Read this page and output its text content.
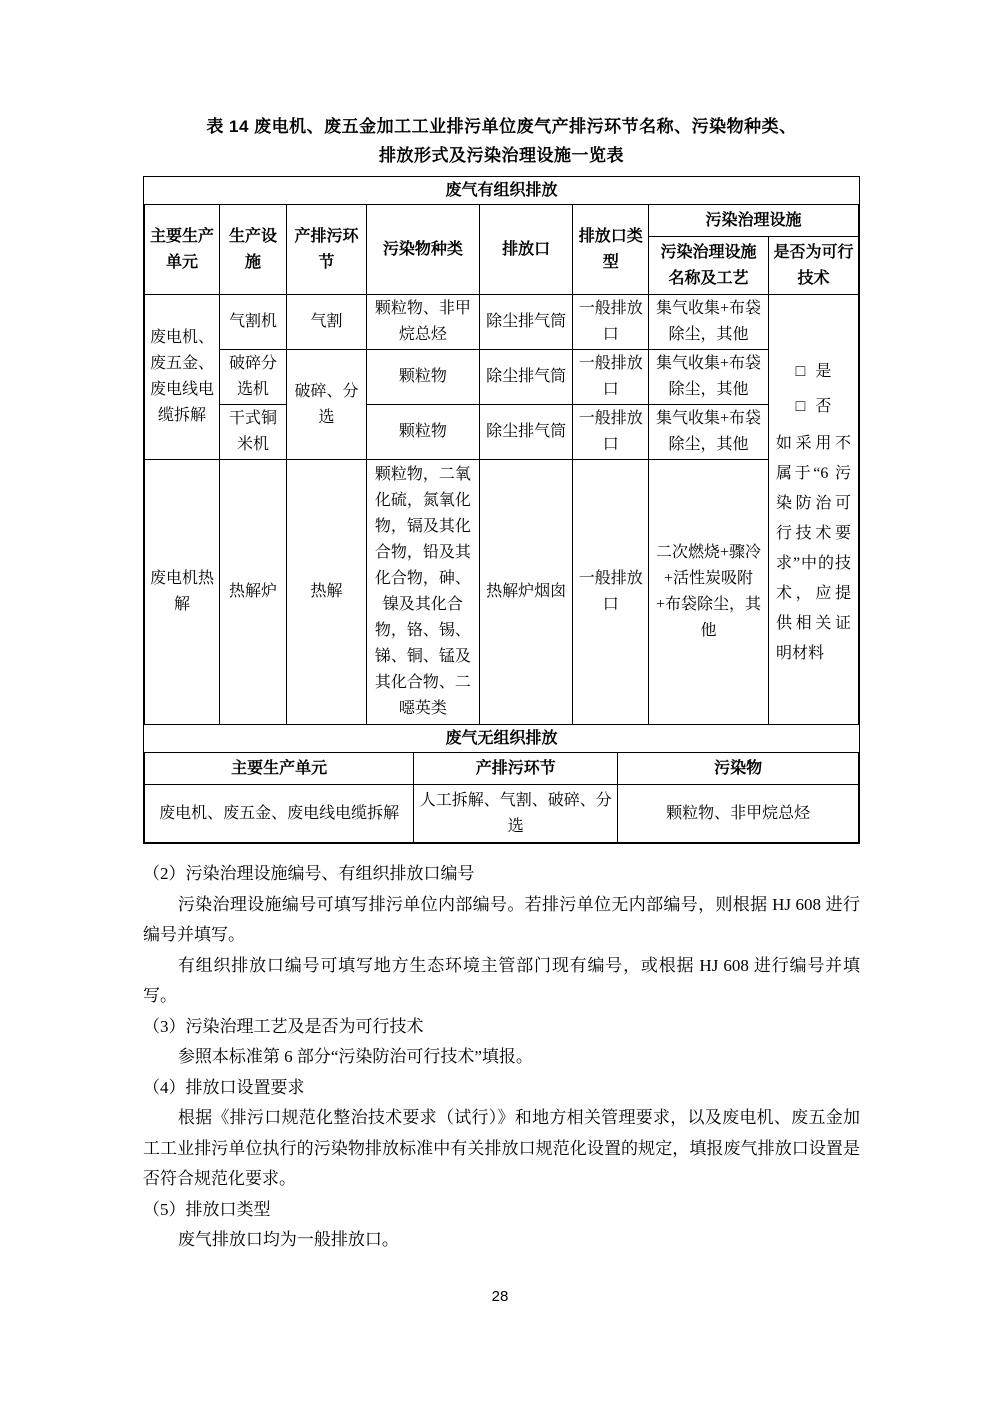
表 14 废电机、废五金加工工业排污单位废气产排污环节名称、污染物种类、
排放形式及污染治理设施一览表
废气有组织排放
主要生产单元	生产设施	产排污环节	污染物种类	排放口	排放口类型	污染治理设施	
						污染治理设施名称及工艺	是否为可行技术
废电机、废五金、废电线电缆拆解	气割机	气割	颗粒物、非甲烷总烃	除尘排气筒	一般排放口	集气收集+布袋除尘，其他	□ 是
□ 否
如采用不属于“6 污染防治可行技术要求”中的技术，应提供相关证明材料

	破碎分选机	破碎、分选	颗粒物	除尘排气筒	一般排放口	集气收集+布袋除尘，其他	
	干式铜米机		颗粒物	除尘排气筒	一般排放口	集气收集+布袋除尘，其他	
废电机热解	热解炉	热解	颗粒物，二氧化硫，氮氧化物，镉及其化合物，铅及其化合物，砷、镍及其化合物，铬、锡、锑、铜、锰及其化合物、二噁英类	热解炉烟囱	一般排放口	二次燃烧+骤冷+活性炭吸附+布袋除尘，其他	
废气无组织排放
主要生产单元	产排污环节	污染物
废电机、废五金、废电线电缆拆解	人工拆解、气割、破碎、分选	颗粒物、非甲烷总烃

（2）污染治理设施编号、有组织排放口编号

污染治理设施编号可填写排污单位内部编号。若排污单位无内部编号，则根据 HJ 608 进行编号并填写。

有组织排放口编号可填写地方生态环境主管部门现有编号，或根据 HJ 608 进行编号并填写。

（3）污染治理工艺及是否为可行技术

参照本标准第 6 部分“污染防治可行技术”填报。

（4）排放口设置要求

根据《排污口规范化整治技术要求（试行）》和地方相关管理要求，以及废电机、废五金加工工业排污单位执行的污染物排放标准中有关排放口规范化设置的规定，填报废气排放口设置是否符合规范化要求。

（5）排放口类型

废气排放口均为一般排放口。

28
